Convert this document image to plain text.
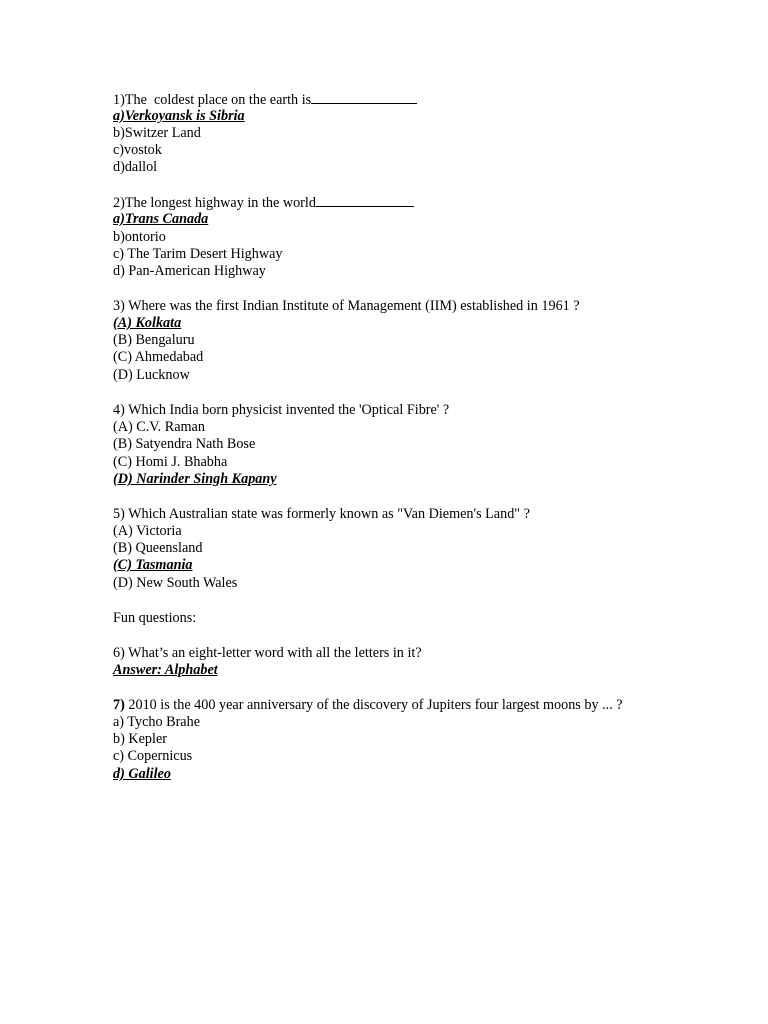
1)The  coldest place on the earth is
a)Verkoyansk is Sibria
b)Switzer Land
c)vostok
d)dallol
2)The longest highway in the world
a)Trans Canada
b)ontorio
c) The Tarim Desert Highway
d) Pan-American Highway
3) Where was the first Indian Institute of Management (IIM) established in 1961 ?
(A) Kolkata
(B) Bengaluru
(C) Ahmedabad
(D) Lucknow
4) Which India born physicist invented the 'Optical Fibre' ?
(A) C.V. Raman
(B) Satyendra Nath Bose
(C) Homi J. Bhabha
(D) Narinder Singh Kapany
5) Which Australian state was formerly known as "Van Diemen's Land" ?
(A) Victoria
(B) Queensland
(C) Tasmania
(D) New South Wales
Fun questions:
6) What’s an eight-letter word with all the letters in it?
Answer: Alphabet
7) 2010 is the 400 year anniversary of the discovery of Jupiters four largest moons by ... ?
a) Tycho Brahe
b) Kepler
c) Copernicus
d) Galileo
